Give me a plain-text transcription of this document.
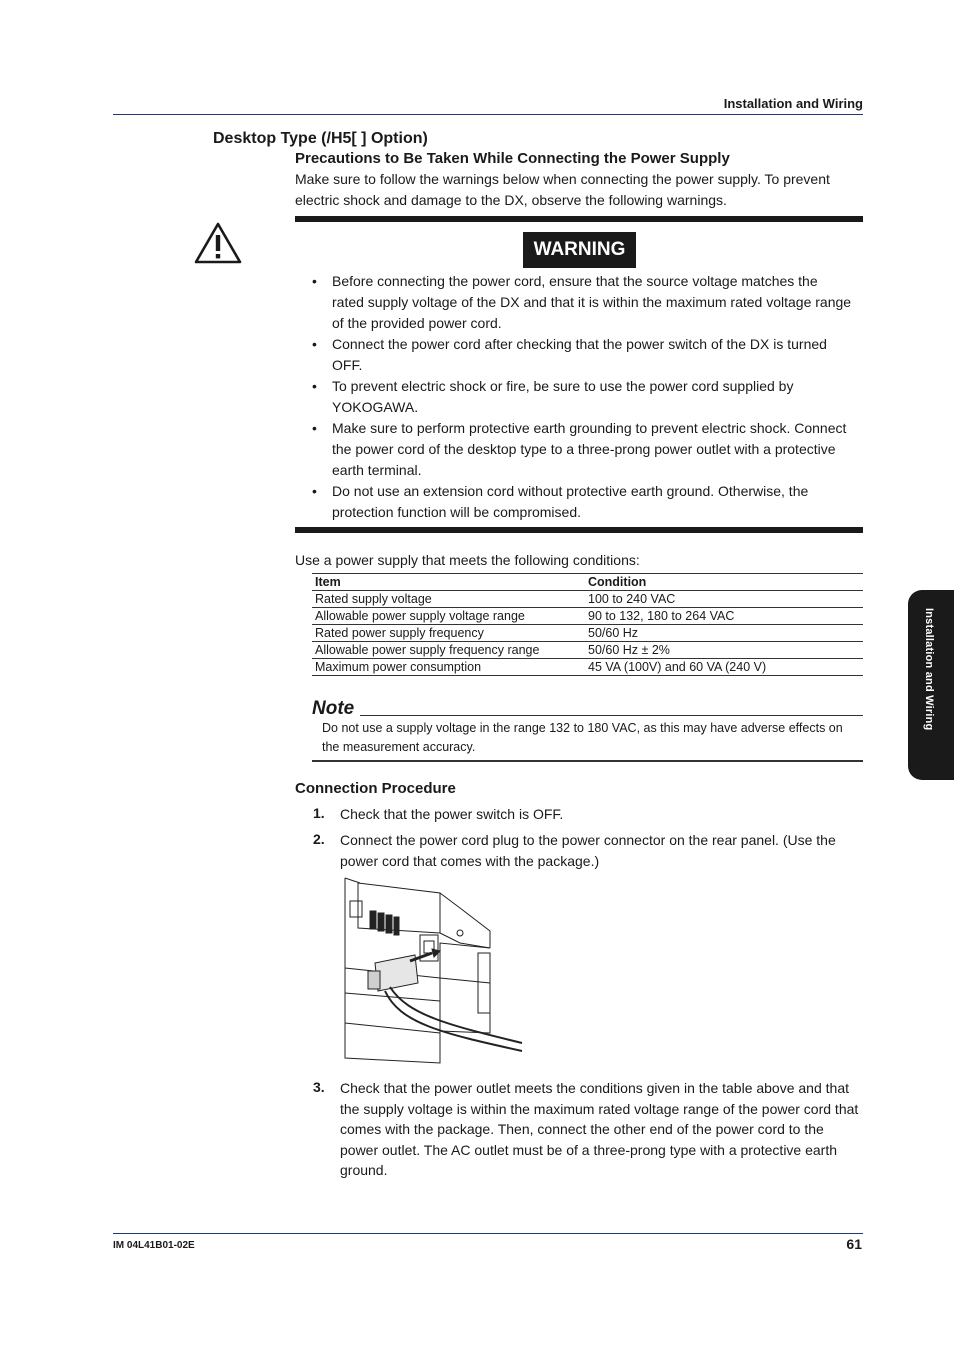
Installation and Wiring
Desktop Type (/H5[ ] Option)
Precautions to Be Taken While Connecting the Power Supply
Make sure to follow the warnings below when connecting the power supply. To prevent
electric shock and damage to the DX, observe the following warnings.
WARNING
• Before connecting the power cord, ensure that the source voltage matches the rated supply voltage of the DX and that it is within the maximum rated voltage range of the provided power cord.
• Connect the power cord after checking that the power switch of the DX is turned OFF.
• To prevent electric shock or fire, be sure to use the power cord supplied by YOKOGAWA.
• Make sure to perform protective earth grounding to prevent electric shock. Connect the power cord of the desktop type to a three-prong power outlet with a protective earth terminal.
• Do not use an extension cord without protective earth ground. Otherwise, the protection function will be compromised.
Use a power supply that meets the following conditions:
Item	Condition
Rated supply voltage	100 to 240 VAC
Allowable power supply voltage range	90 to 132, 180 to 264 VAC
Rated power supply frequency	50/60 Hz
Allowable power supply frequency range	50/60 Hz ± 2%
Maximum power consumption	45 VA (100V) and 60 VA (240 V)
Note
Do not use a supply voltage in the range 132 to 180 VAC, as this may have adverse effects on the measurement accuracy.
Connection Procedure
1. Check that the power switch is OFF.
2. Connect the power cord plug to the power connector on the rear panel. (Use the power cord that comes with the package.)
3. Check that the power outlet meets the conditions given in the table above and that the supply voltage is within the maximum rated voltage range of the power cord that comes with the package. Then, connect the other end of the power cord to the power outlet. The AC outlet must be of a three-prong type with a protective earth ground.
IM 04L41B01-02E	61
Installation and Wiring
